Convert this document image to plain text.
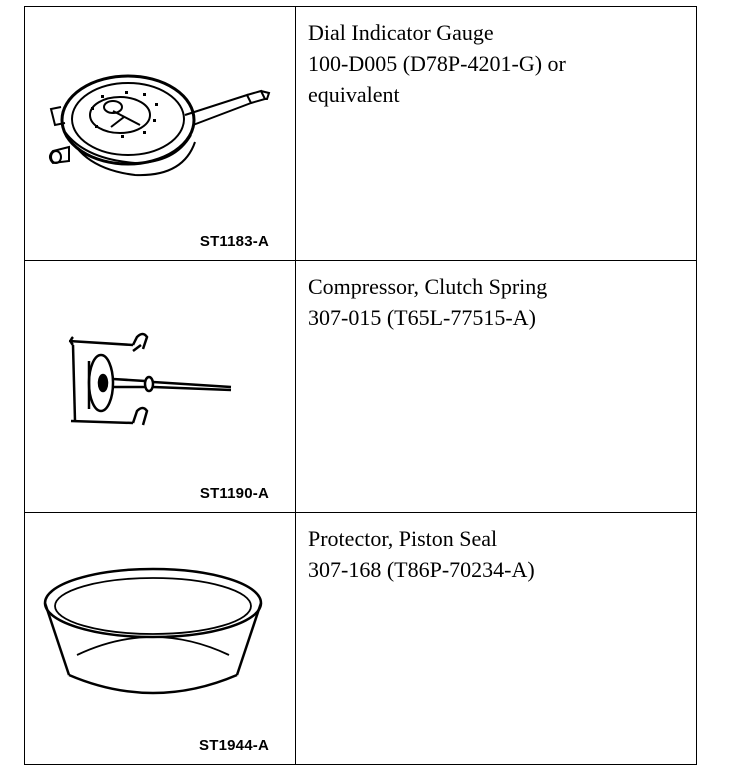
ST1183-A	Dial Indicator Gauge
100-D005 (D78P-4201-G) or
equivalent

ST1190-A	Compressor, Clutch Spring
307-015 (T65L-77515-A)

ST1944-A	Protector, Piston Seal
307-168 (T86P-70234-A)
